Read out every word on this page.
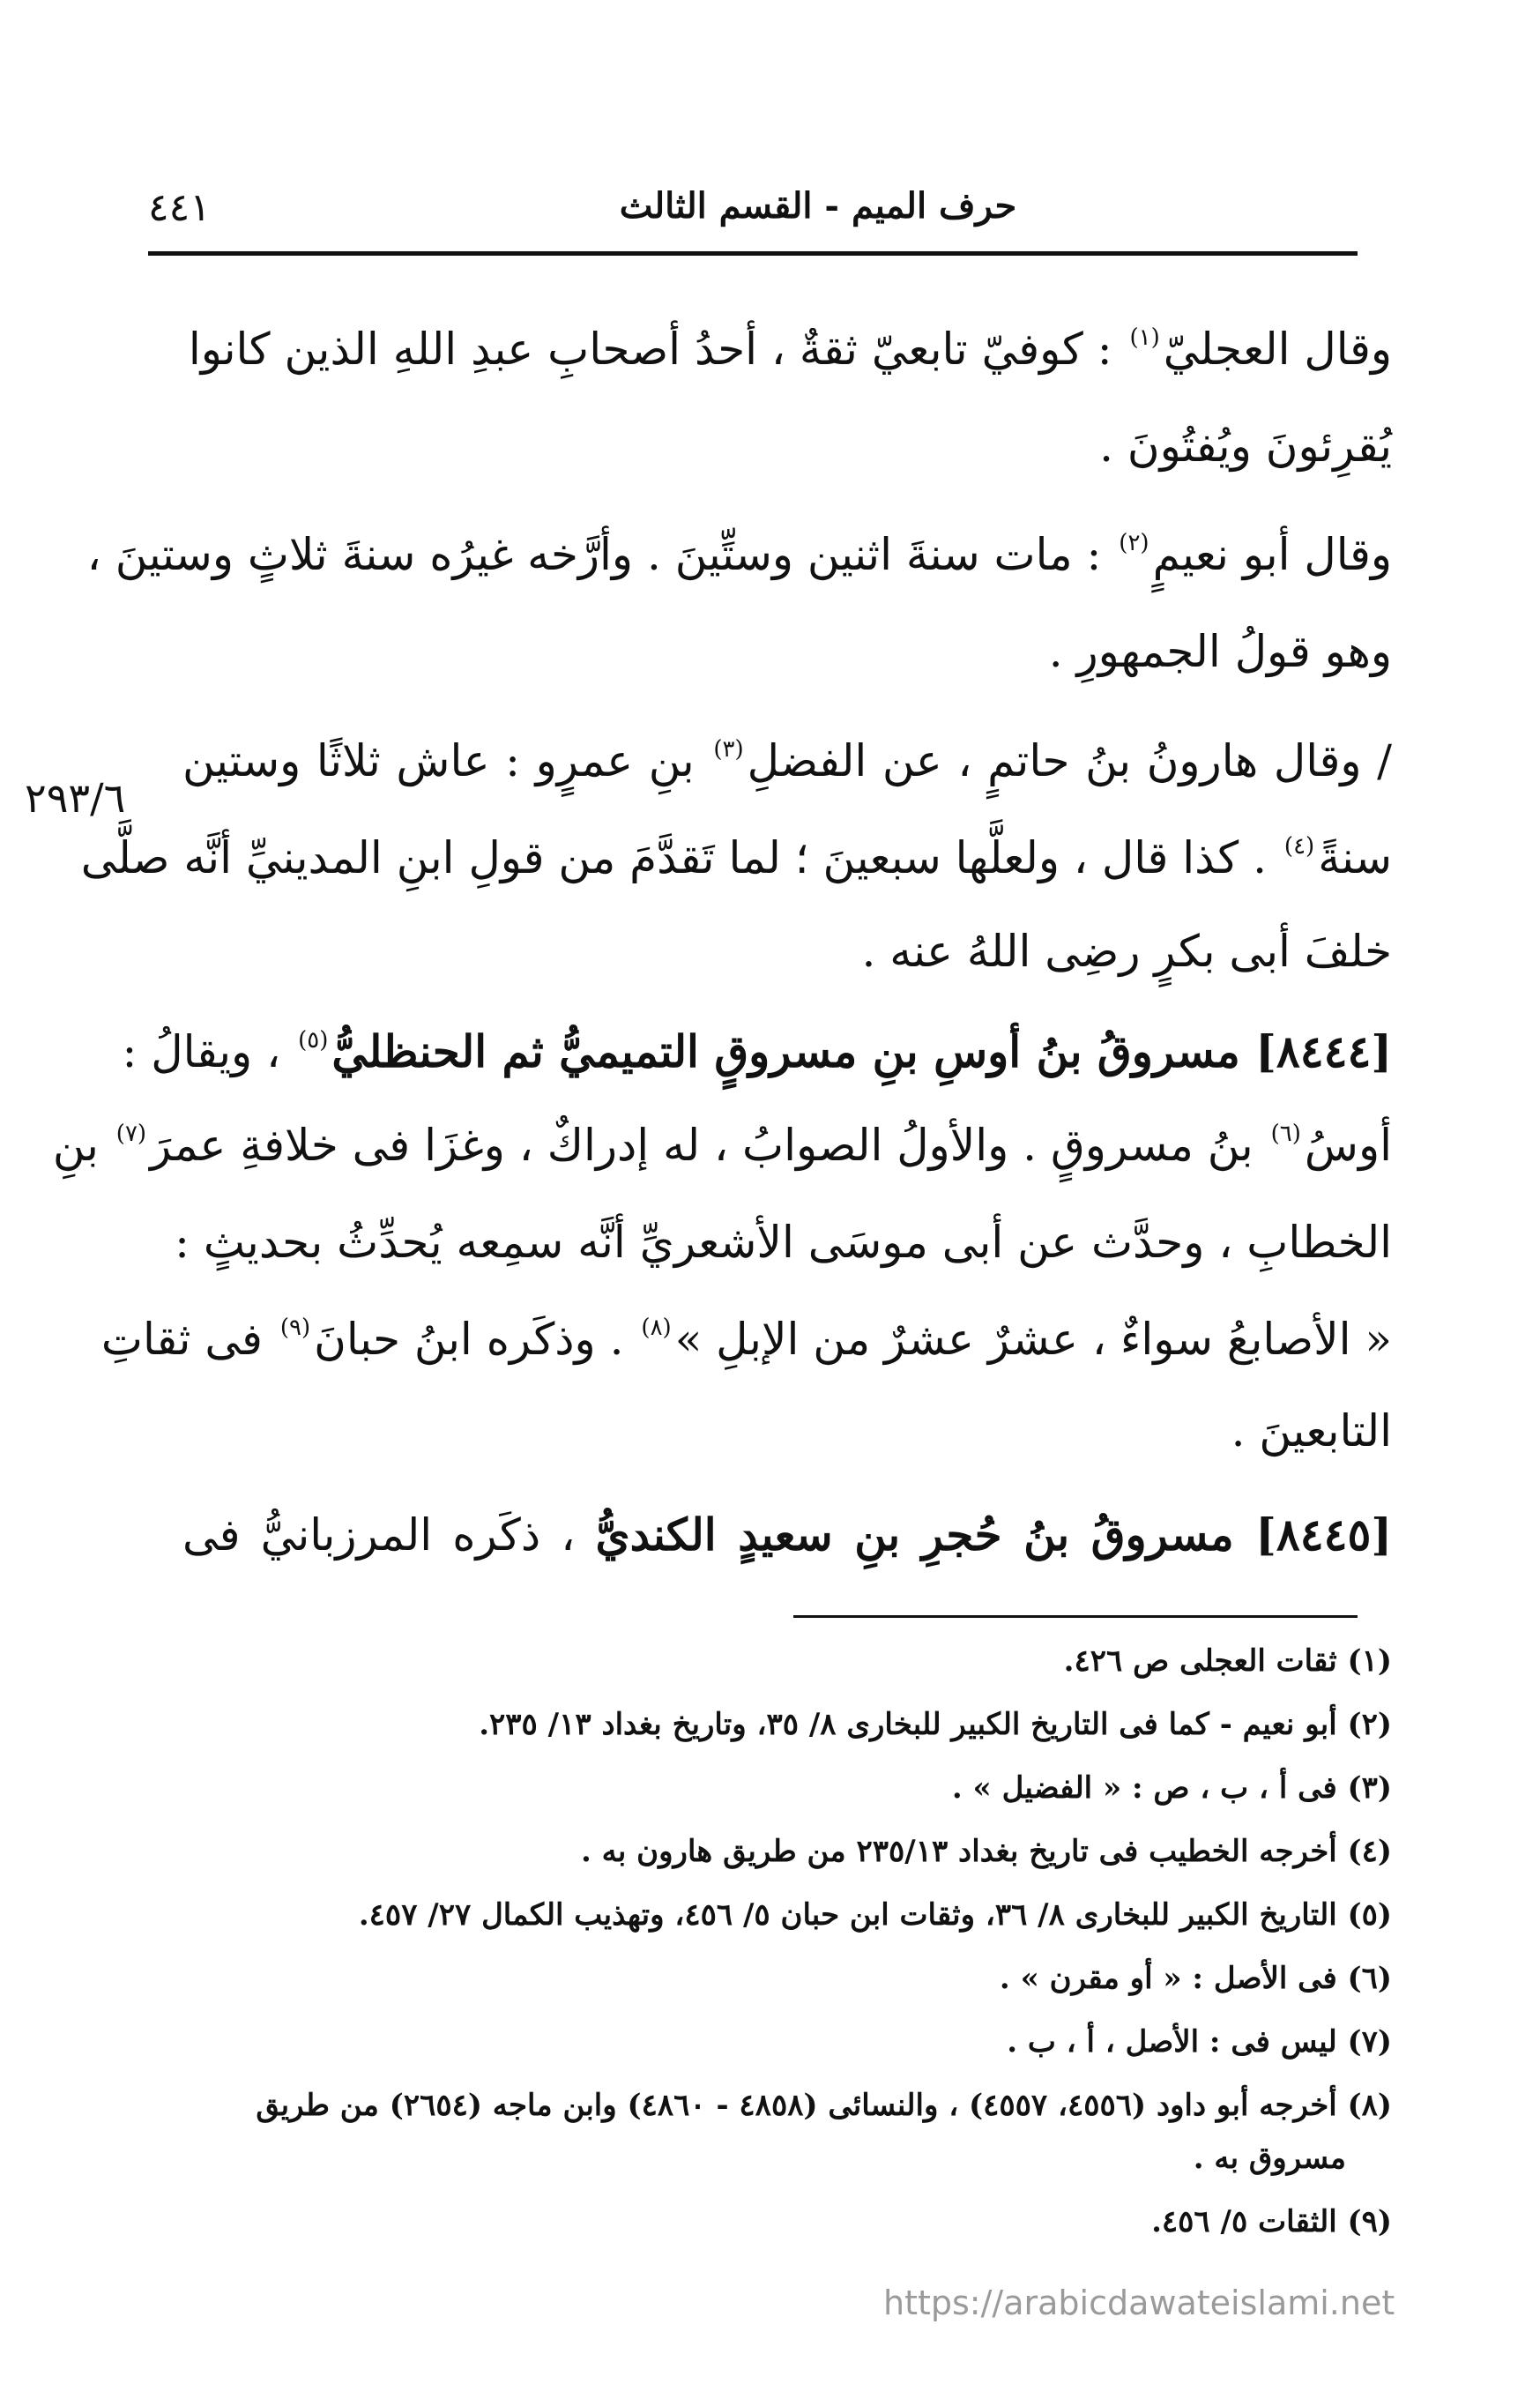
٤٤١	حرف الميم - القسم الثالث
٢٩٣/٦
وقال العجليّ$^{(١)}$ : كوفيّ تابعيّ ثقةٌ ، أحدُ أصحابِ عبدِ اللهِ الذين كانوا
يُقرِئونَ ويُفتُونَ .
وقال أبو نعيمٍ$^{(٢)}$ : مات سنةَ اثنين وستِّينَ . وأرَّخه غيرُه سنةَ ثلاثٍ وستينَ ،
وهو قولُ الجمهورِ .
/ وقال هارونُ بنُ حاتمٍ ، عن الفضلِ$^{(٣)}$ بنِ عمرٍو : عاش ثلاثًا وستين
سنةً$^{(٤)}$ . كذا قال ، ولعلَّها سبعينَ ؛ لما تَقدَّمَ من قولِ ابنِ المدينيِّ أنَّه صلَّى
خلفَ أبى بكرٍ رضِى اللهُ عنه .
[٨٤٤٤] مسروقُ بنُ أوسِ بنِ مسروقٍ التميميُّ ثم الحنظليُّ$^{(٥)}$ ، ويقالُ :
أوسُ$^{(٦)}$ بنُ مسروقٍ . والأولُ الصوابُ ، له إدراكٌ ، وغزَا فى خلافةِ عمرَ$^{(٧)}$ بنِ
الخطابِ ، وحدَّث عن أبى موسَى الأشعريِّ أنَّه سمِعه يُحدِّثُ بحديثٍ :
« الأصابعُ سواءٌ ، عشرٌ عشرٌ من الإبلِ »$^{(٨)}$ . وذكَره ابنُ حبانَ$^{(٩)}$ فى ثقاتِ
التابعينَ .
[٨٤٤٥] مسروقُ بنُ حُجرِ بنِ سعيدٍ الكنديُّ ، ذكَره المرزبانيُّ فى
(١) ثقات العجلى ص ٤٢٦.
(٢) أبو نعيم - كما فى التاريخ الكبير للبخارى ٨/ ٣٥، وتاريخ بغداد ١٣/ ٢٣٥.
(٣) فى أ ، ب ، ص : « الفضيل » .
(٤) أخرجه الخطيب فى تاريخ بغداد ٢٣٥/١٣ من طريق هارون به .
(٥) التاريخ الكبير للبخارى ٨/ ٣٦، وثقات ابن حبان ٥/ ٤٥٦، وتهذيب الكمال ٢٧/ ٤٥٧.
(٦) فى الأصل : « أو مقرن » .
(٧) ليس فى : الأصل ، أ ، ب .
(٨) أخرجه أبو داود (٤٥٥٦، ٤٥٥٧) ، والنسائى (٤٨٥٨ - ٤٨٦٠) وابن ماجه (٢٦٥٤) من طريق
مسروق به .
(٩) الثقات ٥/ ٤٥٦.
https://arabicdawateislami.net
